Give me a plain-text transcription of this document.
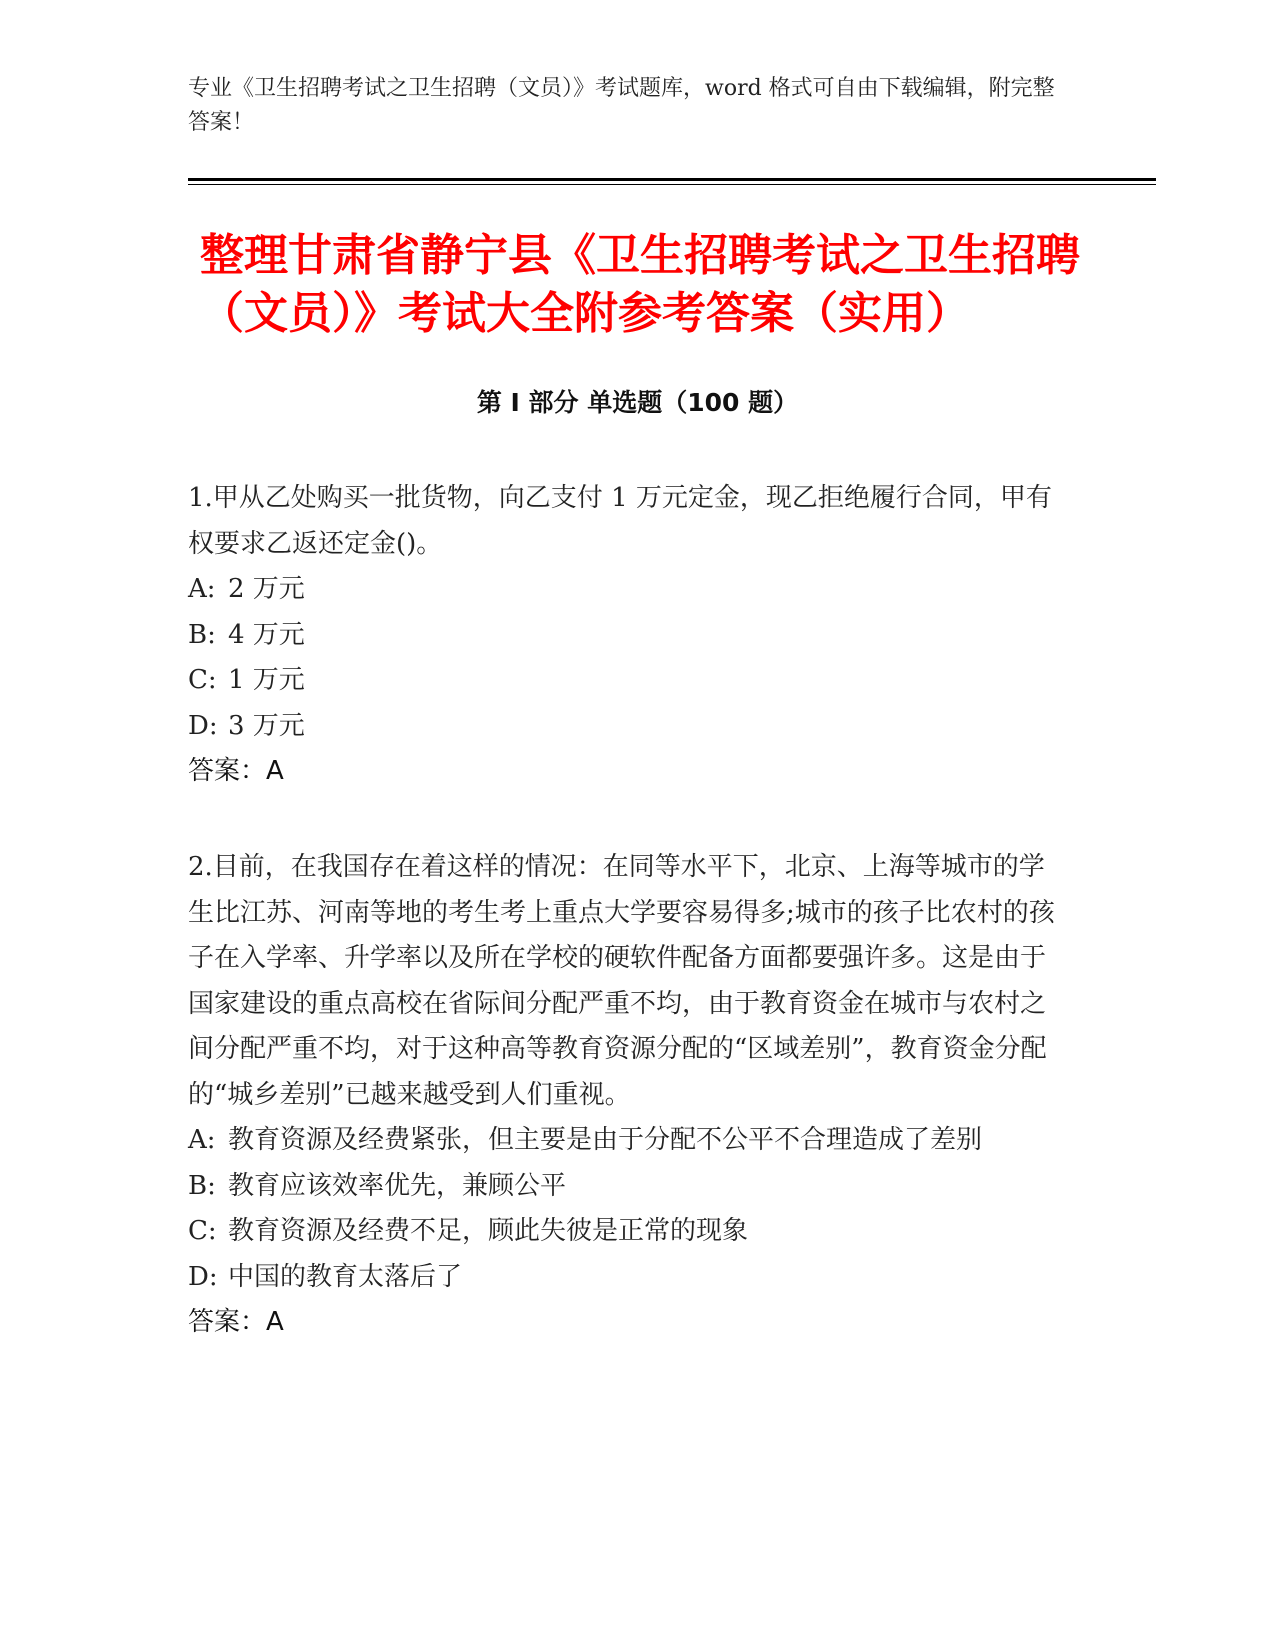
专业《卫生招聘考试之卫生招聘（文员）》考试题库，word 格式可自由下载编辑，附完整答案！
整理甘肃省静宁县《卫生招聘考试之卫生招聘（文员）》考试大全附参考答案（实用）
第 I 部分 单选题（100 题）

1.甲从乙处购买一批货物，向乙支付 1 万元定金，现乙拒绝履行合同，甲有权要求乙返还定金()。

A: 2 万元

B: 4 万元

C: 1 万元

D: 3 万元

答案：A

2.目前，在我国存在着这样的情况：在同等水平下，北京、上海等城市的学生比江苏、河南等地的考生考上重点大学要容易得多;城市的孩子比农村的孩子在入学率、升学率以及所在学校的硬软件配备方面都要强许多。这是由于国家建设的重点高校在省际间分配严重不均，由于教育资金在城市与农村之间分配严重不均，对于这种高等教育资源分配的“区域差别”，教育资金分配的“城乡差别”已越来越受到人们重视。

A: 教育资源及经费紧张，但主要是由于分配不公平不合理造成了差别

B: 教育应该效率优先，兼顾公平

C: 教育资源及经费不足，顾此失彼是正常的现象

D: 中国的教育太落后了

答案：A
